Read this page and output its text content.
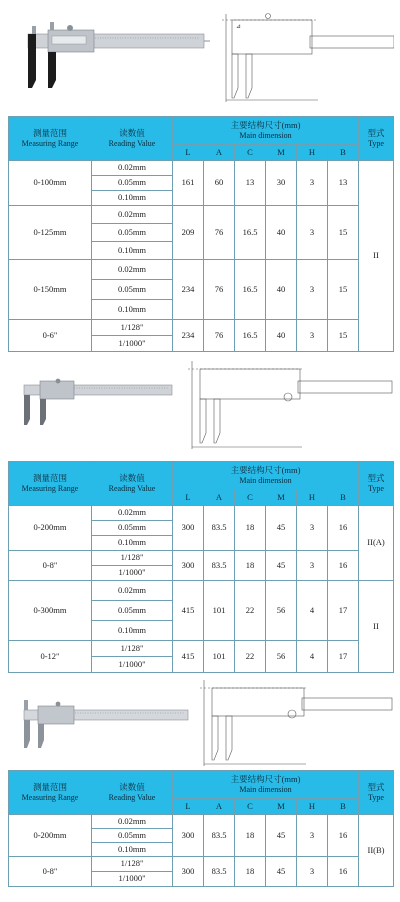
⊿
测量范围
Measuring Range	读数值
Reading Value	主要结构尺寸(mm)
Main dimension						型式
Type

		L	A	C	M	H	B	
0-100mm	0.02mm	161	60	13	30	3	13	II
	0.05mm							
	0.10mm							
0-125mm	0.02mm	209	76	16.5	40	3	15	
	0.05mm							
	0.10mm							
0-150mm	0.02mm	234	76	16.5	40	3	15	
	0.05mm							
	0.10mm							
0-6"	1/128"	234	76	16.5	40	3	15	
	1/1000"							
测量范围
Measuring Range	读数值
Reading Value	主要结构尺寸(mm)
Main dimension						型式
Type

		L	A	C	M	H	B	
0-200mm	0.02mm	300	83.5	18	45	3	16	II(A)
	0.05mm							
	0.10mm							
0-8"	1/128"	300	83.5	18	45	3	16	
	1/1000"							
0-300mm	0.02mm	415	101	22	56	4	17	II
	0.05mm							
	0.10mm							
0-12"	1/128"	415	101	22	56	4	17	
	1/1000"							
测量范围
Measuring Range	读数值
Reading Value	主要结构尺寸(mm)
Main dimension						型式
Type

		L	A	C	M	H	B	
0-200mm	0.02mm	300	83.5	18	45	3	16	II(B)
	0.05mm							
	0.10mm							
0-8"	1/128"	300	83.5	18	45	3	16	
	1/1000"							
